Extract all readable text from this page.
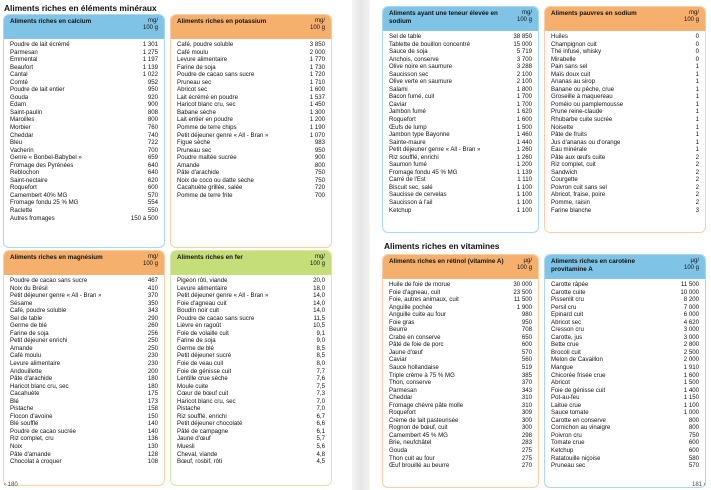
Aliments riches en éléments minéraux
Aliments riches en calcium	mg/
100 g
Poudre de lait écrémé	1 301
Parmesan	1 275
Emmental	1 197
Beaufort	1 139
Cantal	1 022
Comté	952
Poudre de lait entier	950
Gouda	920
Édam	900
Saint-paulin	808
Maroilles	800
Morbier	760
Cheddar	740
Bleu	722
Vacherin	700
Genre « Bonbel-Babybel »	659
Fromage des Pyrénées	640
Reblochon	640
Saint-nectaire	620
Roquefort	600
Camembert 40% MG	570
Fromage fondu 25 % MG	554
Raclette	550
Autres fromages	150 à 500
Aliments riches en potassium	mg/
100 g
Café, poudre soluble	3 850
Café moulu	2 000
Levure alimentaire	1 770
Farine de soja	1 730
Poudre de cacao sans sucre	1 720
Pruneau sec	1 710
Abricot sec	1 600
Lait écrémé en poudre	1 537
Haricot blanc cru, sec	1 450
Babane sèche	1 300
Lait entier en poudre	1 200
Pomme de terre chips	1 190
Petit déjeuner genre « All - Bran »	1 070
Figue sèche	983
Pruneau sec	950
Poudre maltée sucrée	900
Amande	800
Pâte d'arachide	750
Noix de coco ou datte sèche	750
Cacahuète grillée, salée	720
Pomme de terre frite	700
Aliments riches en magnésium	mg/
100 g
Poudre de cacao sans sucre	467
Noix du Brésil	410
Petit déjeuner genre « All - Bran »	370
Sésame	350
Café, poudre soluble	343
Sel de table	290
Germe de blé	260
Farine de soja	256
Petit déjeuner enrichi	250
Amande	250
Café moulu	230
Levure alimentaire	230
Andouillette	200
Pâte d'arachide	180
Haricot blanc cru, sec	180
Cacahuète	175
Blé	173
Pistache	158
Flocon d'avoine	150
Blé soufflé	140
Poudre de cacao sucrée	140
Riz complet, cru	136
Noix	130
Pâte d'amande	128
Chocolat à croquer	108
Aliments riches en fer	mg/
100 g
Pigeon rôti, viande	20,0
Levure alimentaire	18,0
Petit déjeuner genre « All - Bran »	14,0
Foie d'agneau cuit	14,0
Boudin noir cuit	14,0
Poudre de cacao sans sucre	11,5
Lièvre en ragoût	10,5
Foie de volaille cuit	9,1
Farine de soja	9,0
Germe de blé	8,5
Petit déjeuner sucré	8,5
Foie de veau cuit	8,0
Foie de génisse cuit	7,7
Lentille crue sèche	7,6
Moule cuite	7,5
Cœur de bœuf cuit	7,3
Haricot blanc cru, sec	7,0
Pistache	7,0
Riz soufflé, enrichi	6,7
Petit déjeuner chocolaté	6,6
Pâté de campagne	6,1
Jaune d'œuf	5,7
Muesli	5,6
Cheval, viande	4,8
Bœuf, rosbif, rôti	4,5
‹ 180
Aliments ayant une teneur élevée en sodium
mg/
100 g
Sel de table	38 850
Tablette de bouillon concentré	15 000
Sauce de soja	5 719
Anchois, conserve	3 700
Olive noire en saumure	3 288
Saucisson sec	2 100
Olive verte en saumure	2 100
Salami	1 800
Bacon fumé, cuit	1 700
Caviar	1 700
Jambon fumé	1 620
Roquefort	1 600
Œufs de lump	1 500
Jambon type Bayonne	1 460
Sainte-maure	1 440
Petit déjeuner genre « All - Bran »	1 260
Riz soufflé, enrichi	1 260
Saumon fumé	1 200
Fromage fondu 45 % MG	1 139
Carré de l'Est	1 110
Biscuit sec, salé	1 100
Saucisse de cervelas	1 100
Saucisson à l'ail	1 100
Ketchup	1 100
Aliments pauvres en sodium	mg/
100 g
Huiles	0
Champignon cuit	0
Thé infusé, whisky	0
Mirabelle	0
Pain sans sel	1
Maïs doux cuit	1
Ananas au sirop	1
Banane ou pêche, crue	1
Groseille à maquereau	1
Poméio ou pamplemousse	1
Prune reine-claude	1
Rhubarbe cuite sucrée	1
Noisette	1
Pâte de fruits	1
Jus d'ananas ou d'orange	1
Eau minérale	1
Pâte aux œufs cuite	2
Riz complet, cuit	2
Sandwich	2
Courgette	2
Poivron cuit sans sel	2
Abricot, fraise, poire	2
Pomme, raisin	2
Farine blanche	3
Aliments riches en vitamines
Aliments riches en rétinol (vitamine A)	µg/
100 g
Huile de foie de morue	30 000
Foie d'agneau, cuit	23 500
Foie, autres animaux, cuit	11 500
Anguille pochée	1 900
Anguille cuite au four	980
Foie gras	950
Beurre	708
Crabe en conserve	650
Pâté de foie de porc	600
Jaune d'œuf	570
Caviar	560
Sauce hollandaise	519
Triple crème à 75 % MG	385
Thon, conserve	370
Parmesan	343
Cheddar	310
Fromage chèvre pâte molle	310
Roquefort	309
Crème de lait pasteurisée	300
Rognon de bœuf, cuit	300
Camembert 45 % MG	298
Brie, neufchâtel	283
Gouda	275
Thon cuit au four	275
Œuf brouillé au beurre	270
Aliments riches en carotène provitamine A
µg/
100 g
Carotte râpée	11 500
Carotte cuite	10 000
Pissenlit cru	8 200
Persil cru	7 000
Épinard cuit	6 000
Abricot sec	4 620
Cresson cru	3 000
Carotte, jus	3 000
Bette crue	2 800
Brocoli cuit	2 500
Melon de Cavaillon	2 000
Mangue	1 910
Chicorée frisée crue	1 600
Abricot	1 500
Foie de génisse cuit	1 400
Pot-au-feu	1 150
Laitue crue	1 100
Sauce tomate	1 000
Carotte en conserve	800
Cornichon au vinaigre	800
Poivron cru	750
Tomate crue	600
Ketchup	600
Ratatouille niçoise	580
Pruneau sec	570
181 ›
